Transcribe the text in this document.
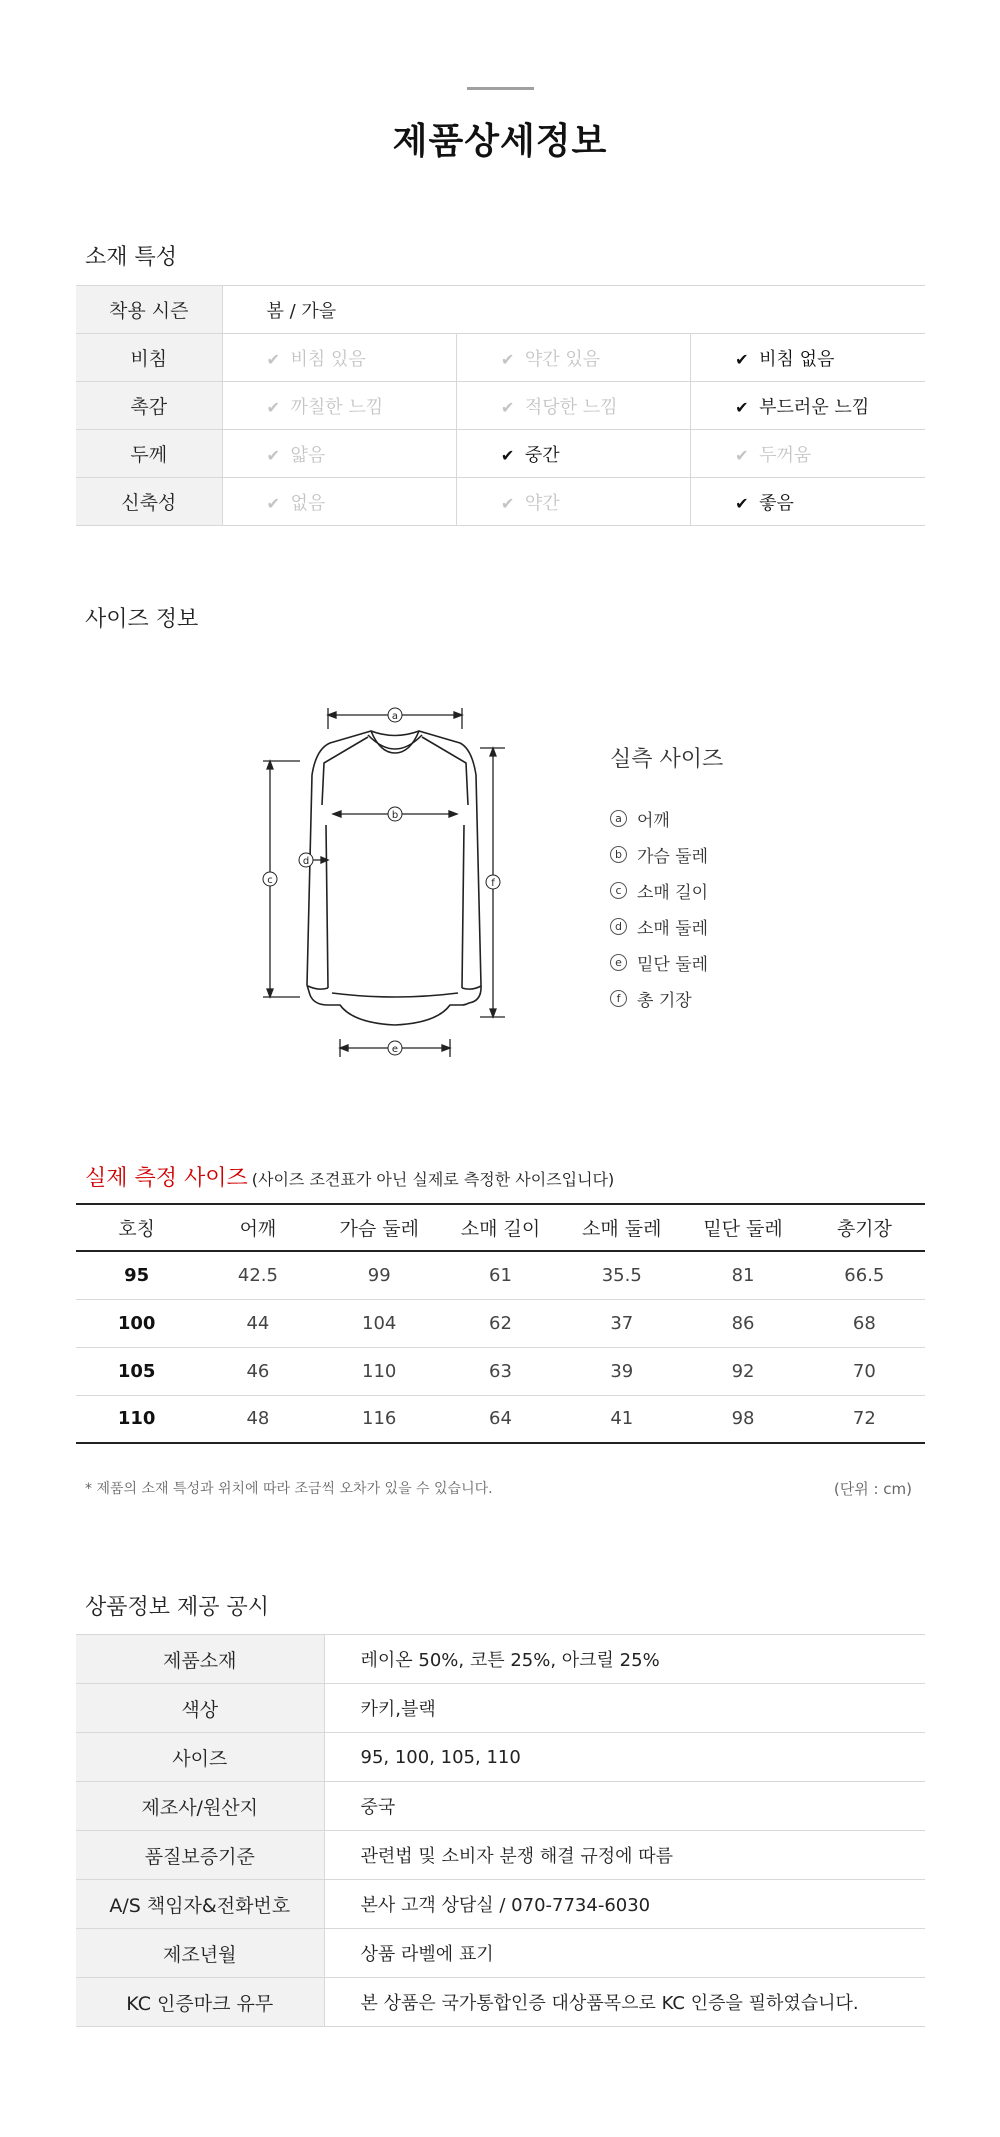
제품상세정보
소재 특성
착용 시즌	봄 / 가을		
비침	✔ 비침 있음	✔ 약간 있음	✔ 비침 없음
촉감	✔ 까칠한 느낌	✔ 적당한 느낌	✔ 부드러운 느낌
두께	✔ 얇음	✔ 중간	✔ 두꺼움
신축성	✔ 없음	✔ 약간	✔ 좋음
사이즈 정보
a
b
c
d
e
f
실측 사이즈
a 어깨
b 가슴 둘레
c 소매 길이
d 소매 둘레
e 밑단 둘레
f 총 기장
실제 측정 사이즈 (사이즈 조견표가 아닌 실제로 측정한 사이즈입니다)
호칭	어깨	가슴 둘레	소매 길이	소매 둘레	밑단 둘레	총기장
95	42.5	99	61	35.5	81	66.5
100	44	104	62	37	86	68
105	46	110	63	39	92	70
110	48	116	64	41	98	72
* 제품의 소재 특성과 위치에 따라 조금씩 오차가 있을 수 있습니다.	(단위 : cm)
상품정보 제공 공시
제품소재	레이온 50%, 코튼 25%, 아크릴 25%
색상	카키,블랙
사이즈	95, 100, 105, 110
제조사/원산지	중국
품질보증기준	관련법 및 소비자 분쟁 해결 규정에 따름
A/S 책임자&전화번호	본사 고객 상담실 / 070-7734-6030
제조년월	상품 라벨에 표기
KC 인증마크 유무	본 상품은 국가통합인증 대상품목으로 KC 인증을 필하였습니다.
